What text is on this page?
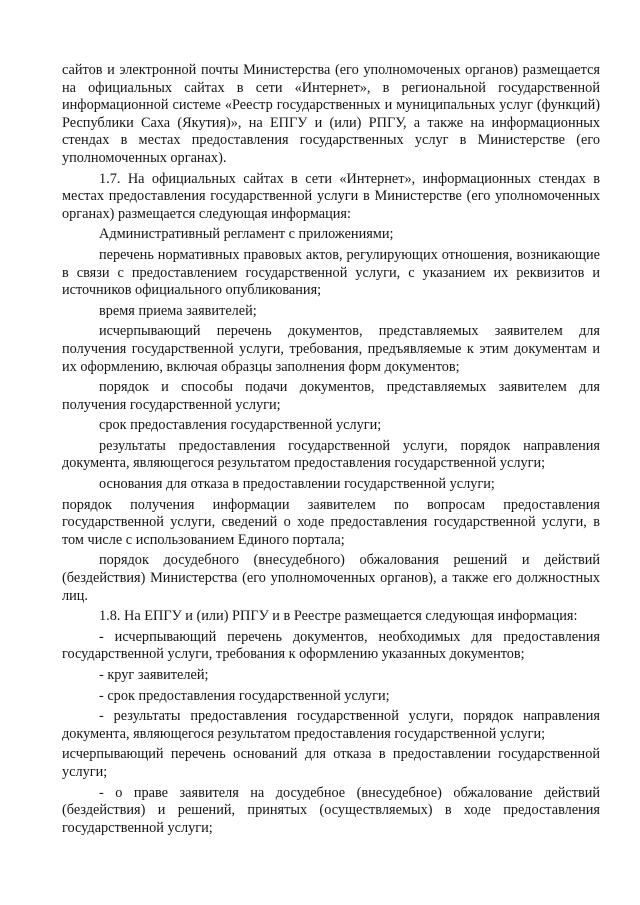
сайтов и электронной почты Министерства (его уполномоченых органов) размещается на официальных сайтах в сети «Интернет», в региональной государственной информационной системе «Реестр государственных и муниципальных услуг (функций) Республики Саха (Якутия)», на ЕПГУ и (или) РПГУ, а также на информационных стендах в местах предоставления государственных услуг в Министерстве (его уполномоченных органах).

1.7. На официальных сайтах в сети «Интернет», информационных стендах в местах предоставления государственной услуги в Министерстве (его уполномоченных органах) размещается следующая информация:

Административный регламент с приложениями;

перечень нормативных правовых актов, регулирующих отношения, возникающие в связи с предоставлением государственной услуги, с указанием их реквизитов и источников официального опубликования;

время приема заявителей;

исчерпывающий перечень документов, представляемых заявителем для получения государственной услуги, требования, предъявляемые к этим документам и их оформлению, включая образцы заполнения форм документов;

порядок и способы подачи документов, представляемых заявителем для получения государственной услуги;

срок предоставления государственной услуги;

результаты предоставления государственной услуги, порядок направления документа, являющегося результатом предоставления государственной услуги;

основания для отказа в предоставлении государственной услуги;

порядок получения информации заявителем по вопросам предоставления государственной услуги, сведений о ходе предоставления государственной услуги, в том числе с использованием Единого портала;

порядок досудебного (внесудебного) обжалования решений и действий (бездействия) Министерства (его уполномоченных органов), а также его должностных лиц.

1.8. На ЕПГУ и (или) РПГУ и в Реестре размещается следующая информация:

- исчерпывающий перечень документов, необходимых для предоставления государственной услуги, требования к оформлению указанных документов;

- круг заявителей;

- срок предоставления государственной услуги;

- результаты предоставления государственной услуги, порядок направления документа, являющегося результатом предоставления государственной услуги;

исчерпывающий перечень оснований для отказа в предоставлении государственной услуги;

- о праве заявителя на досудебное (внесудебное) обжалование действий (бездействия) и решений, принятых (осуществляемых) в ходе предоставления государственной услуги;
